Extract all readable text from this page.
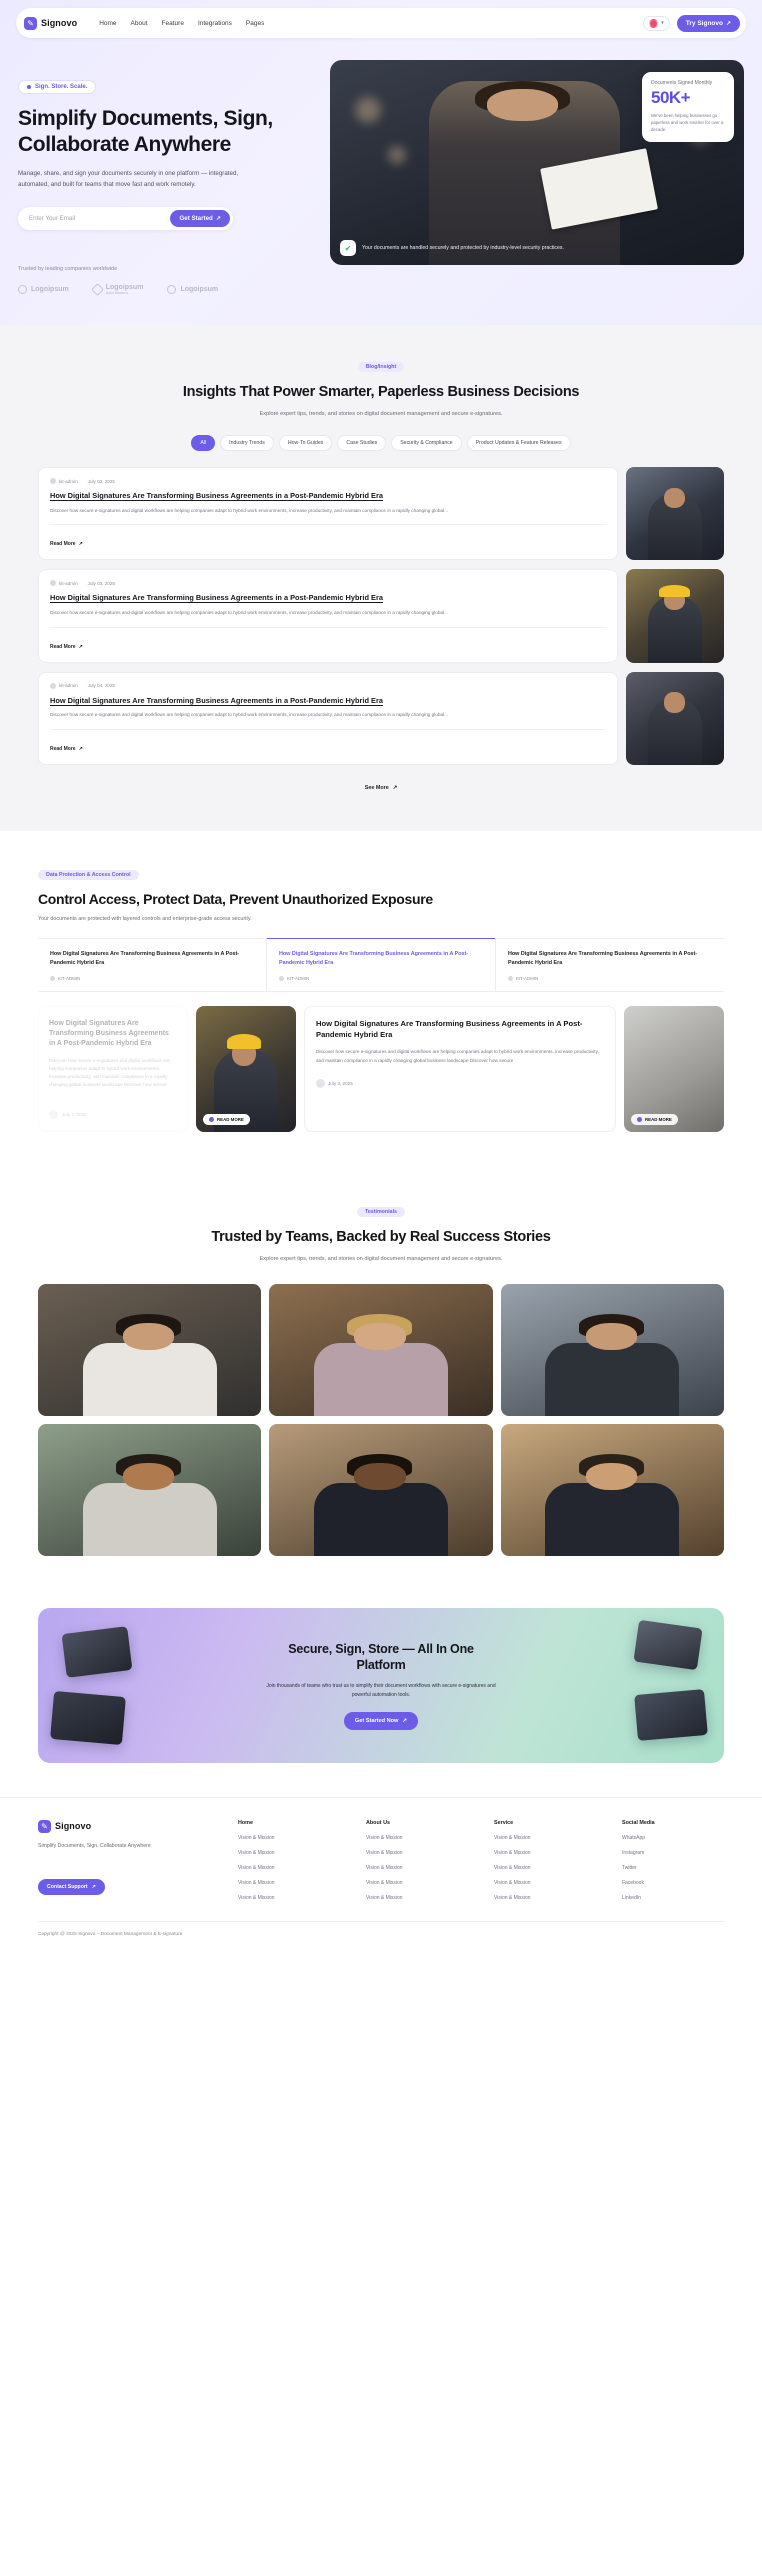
✎ Signovo	Home About Feature Integrations Pages	▾	Try Signovo ↗
Sign. Store. Scale.
Simplify Documents, Sign, Collaborate Anywhere

Manage, share, and sign your documents securely in one platform — integrated, automated, and built for teams that move fast and work remotely.

Enter Your Email
Get Started ↗
Trusted by leading companies worldwide
Logoipsum	Logoipsum
Auto Modern	Logoipsum
Documents Signed Monthly
50K+
We've been helping businesses go paperless and work smarter for over a decade.
✔	Your documents are handled securely and protected by industry-level security practices.
Blog/Insight
Insights That Power Smarter, Paperless Business Decisions

Explore expert tips, trends, and stories on digital document management and secure e-signatures.

All	Industry Trends	How-To Guides	Case Studies	Security & Compliance	Product Updates & Feature Releases
kit-admin July 03, 2025
How Digital Signatures Are Transforming Business Agreements in a Post-Pandemic Hybrid Era

Discover how secure e-signatures and digital workflows are helping companies adapt to hybrid work environments, increase productivity, and maintain compliance in a rapidly changing global...

Read More ↗
kit-admin July 03, 2025
How Digital Signatures Are Transforming Business Agreements in a Post-Pandemic Hybrid Era

Discover how secure e-signatures and digital workflows are helping companies adapt to hybrid work environments, increase productivity, and maintain compliance in a rapidly changing global...

Read More ↗
kit-admin July 04, 2025
How Digital Signatures Are Transforming Business Agreements in a Post-Pandemic Hybrid Era

Discover how secure e-signatures and digital workflows are helping companies adapt to hybrid work environments, increase productivity, and maintain compliance in a rapidly changing global...

Read More ↗
See More ↗
Data Protection & Access Control
Control Access, Protect Data, Prevent Unauthorized Exposure

Your documents are protected with layered controls and enterprise-grade access security.

How Digital Signatures Are Transforming Business Agreements in A Post-Pandemic Hybrid Era
KIT-ADMIN
How Digital Signatures Are Transforming Business Agreements in A Post-Pandemic Hybrid Era
KIT-ADMIN
How Digital Signatures Are Transforming Business Agreements in A Post-Pandemic Hybrid Era
KIT-ADMIN
How Digital Signatures Are Transforming Business Agreements in A Post-Pandemic Hybrid Era
Discover how secure e-signatures and digital workflows are helping companies adapt to hybrid work environments, increase productivity, and maintain compliance in a rapidly changing global business landscape Discover how secure
July 4, 2025
READ MORE
How Digital Signatures Are Transforming Business Agreements in A Post-Pandemic Hybrid Era
Discover how secure e-signatures and digital workflows are helping companies adapt to hybrid work environments, increase productivity, and maintain compliance in a rapidly changing global business landscape Discover how secure
July 3, 2025
READ MORE
Testimonials
Trusted by Teams, Backed by Real Success Stories

Explore expert tips, trends, and stories on digital document management and secure e-signatures.

Secure, Sign, Store — All In One Platform

Join thousands of teams who trust us to simplify their document workflows with secure e-signatures and powerful automation tools.

Get Started Now ↗
✎ Signovo

Simplify Documents, Sign, Collaborate Anywhere

Contact Support ↗
Home
Vision & Mission
Vision & Mission
Vision & Mission
Vision & Mission
Vision & Mission
About Us
Vision & Mission
Vision & Mission
Vision & Mission
Vision & Mission
Vision & Mission
Service
Vision & Mission
Vision & Mission
Vision & Mission
Vision & Mission
Vision & Mission
Social Media
WhatsApp
Instagram
Twitter
Facebook
LinkedIn
Copyright @ 2025 Signovo – Document Management & E-signature
